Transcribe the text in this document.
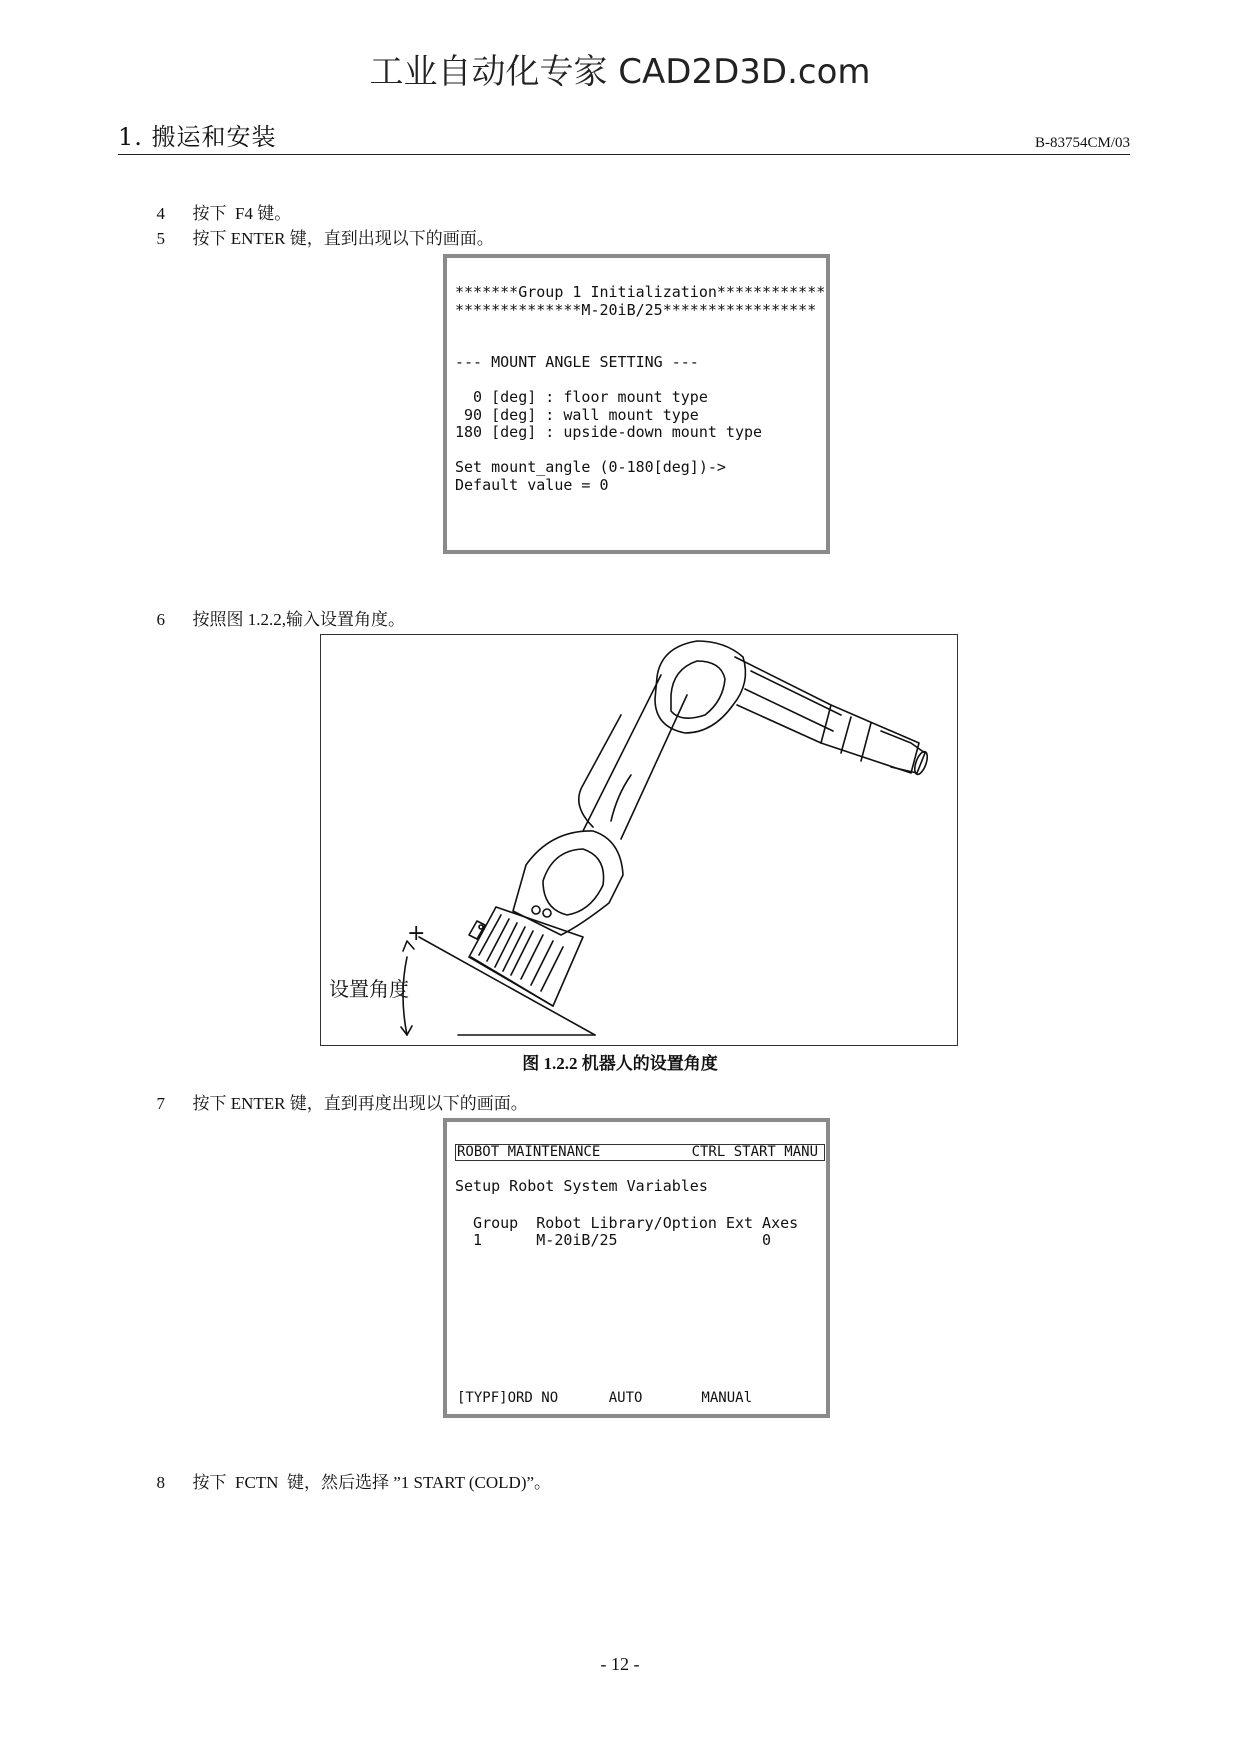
工业自动化专家 CAD2D3D.com
1. 搬运和安装	B-83754CM/03

4 按下  F4 键。

5 按下 ENTER 键，直到出现以下的画面。

*******Group 1 Initialization************
**************M-20iB/25*****************

--- MOUNT ANGLE SETTING ---

0 [deg] : floor mount type
90 [deg] : wall mount type
180 [deg] : upside-down mount type

Set mount_angle (0-180[deg])->
Default value = 0

6 按照图 1.2.2,输入设置角度。

+
设置角度
图 1.2.2 机器人的设置角度

7 按下 ENTER 键，直到再度出现以下的画面。

ROBOT MAINTENANCE	CTRL START MANU
Setup Robot System Variables
Group  Robot Library/Option Ext Axes
1      M-20iB/25                0
[TYPF]ORD NO      AUTO       MANUAl

8 按下  FCTN  键，然后选择 ”1 START (COLD)”。

- 12 -
